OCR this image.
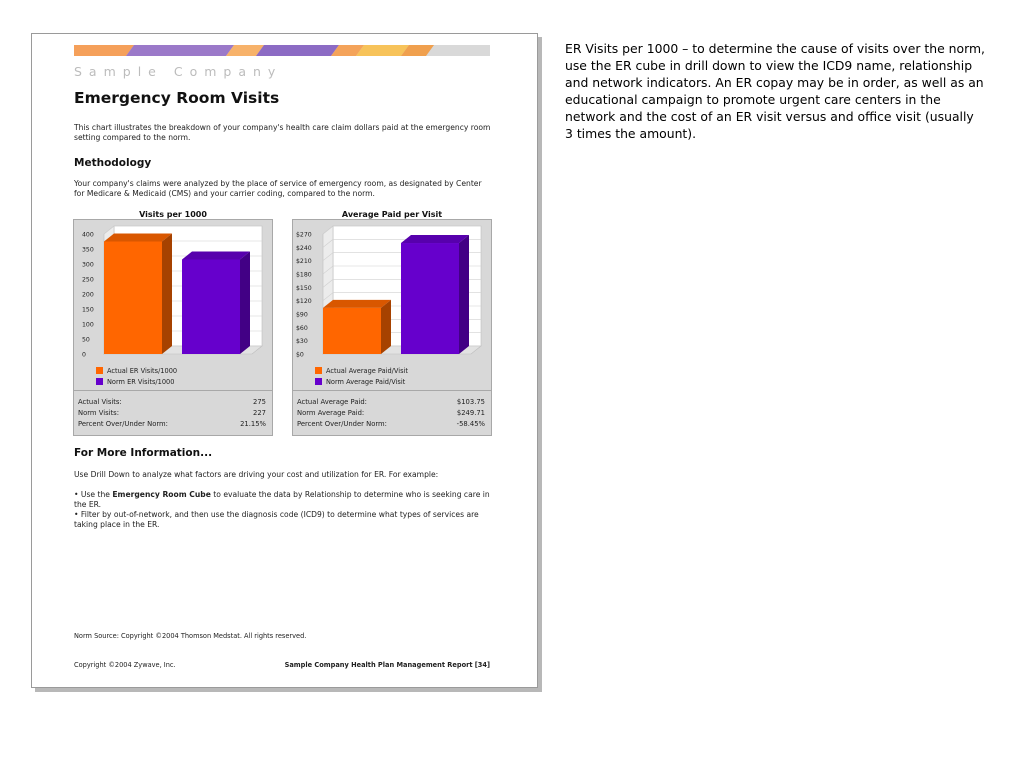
Sample Company
Emergency Room Visits
This chart illustrates the breakdown of your company's health care claim dollars paid at the emergency room setting compared to the norm.
Methodology
Your company's claims were analyzed by the place of service of emergency room, as designated by Center for Medicare & Medicaid (CMS) and your carrier coding, compared to the norm.
Visits per 1000
0
50
100
150
200
250
300
350
400
Actual ER Visits/1000
Norm ER Visits/1000
Actual Visits:	275
Norm Visits:	227
Percent Over/Under Norm:	21.15%
Average Paid per Visit
$0
$30
$60
$90
$120
$150
$180
$210
$240
$270
Actual Average Paid/Visit
Norm Average Paid/Visit
Actual Average Paid:	$103.75
Norm Average Paid:	$249.71
Percent Over/Under Norm:	-58.45%
For More Information...
Use Drill Down to analyze what factors are driving your cost and utilization for ER. For example:
• Use the Emergency Room Cube to evaluate the data by Relationship to determine who is seeking care in the ER.
• Filter by out-of-network, and then use the diagnosis code (ICD9) to determine what types of services are taking place in the ER.
Norm Source: Copyright ©2004 Thomson Medstat. All rights reserved.
Copyright ©2004 Zywave, Inc.	Sample Company Health Plan Management Report [34]
ER Visits per 1000 – to determine the cause of visits over the norm, use the ER cube in drill down to view the ICD9 name, relationship and network indicators. An ER copay may be in order, as well as an educational campaign to promote urgent care centers in the network and the cost of an ER visit versus and office visit (usually 3 times the amount).
